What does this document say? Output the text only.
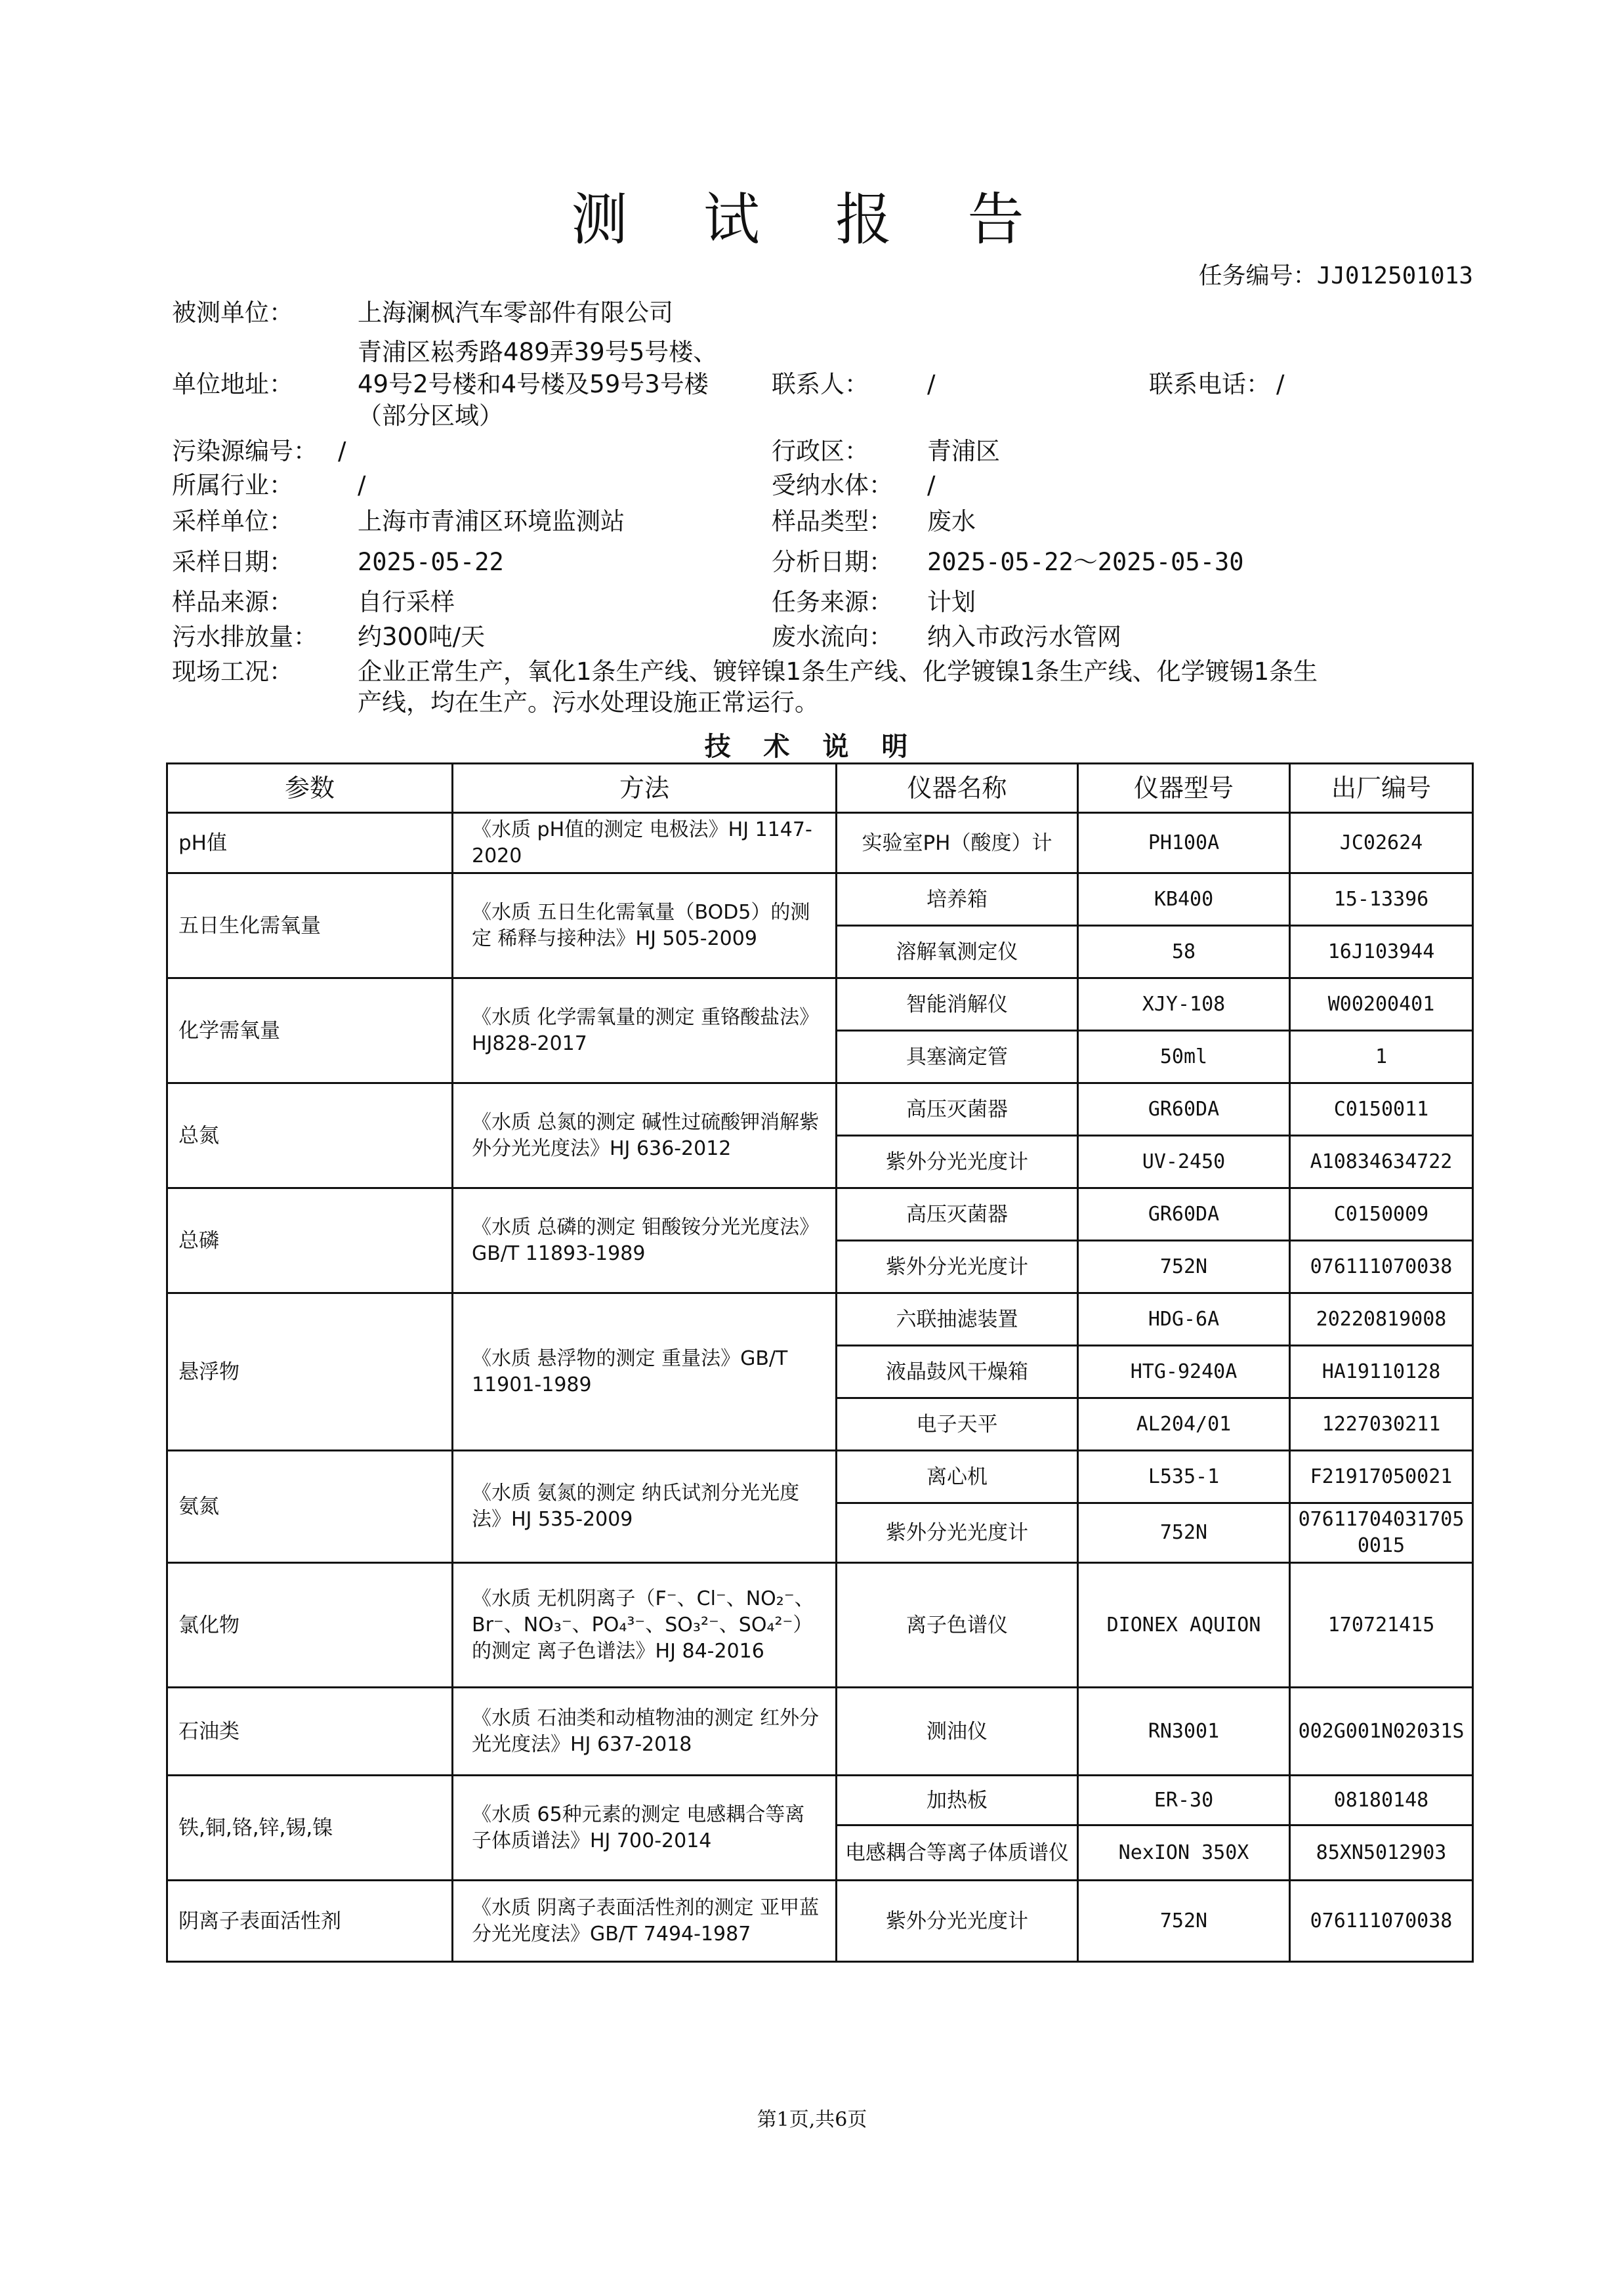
测 试 报 告
任务编号：JJ012501013
被测单位：	上海澜枫汽车零部件有限公司
单位地址：
青浦区崧秀路489弄39号5号楼、
49号2号楼和4号楼及59号3号楼
（部分区域）
联系人： /	联系电话： /
污染源编号： /	行政区： 青浦区
所属行业：	/	受纳水体： /
采样单位：	上海市青浦区环境监测站	样品类型： 废水
采样日期：	2025-05-22	分析日期： 2025-05-22～2025-05-30
样品来源：	自行采样	任务来源： 计划
污水排放量： 约300吨/天	废水流向： 纳入市政污水管网
现场工况：	企业正常生产，氧化1条生产线、镀锌镍1条生产线、化学镀镍1条生产线、化学镀锡1条生
产线，均在生产。污水处理设施正常运行。
技 术 说 明
参数	方法	仪器名称	仪器型号	出厂编号
pH值	《水质 pH值的测定 电极法》HJ 1147-2020	实验室PH（酸度）计	PH100A	JC02624
五日生化需氧量	《水质 五日生化需氧量（BOD5）的测定 稀释与接种法》HJ 505-2009	培养箱	KB400	15-13396
		溶解氧测定仪	58	16J103944
化学需氧量	《水质 化学需氧量的测定 重铬酸盐法》HJ828-2017	智能消解仪	XJY-108	W00200401
		具塞滴定管	50ml	1
总氮	《水质 总氮的测定 碱性过硫酸钾消解紫外分光光度法》HJ 636-2012	高压灭菌器	GR60DA	C0150011
		紫外分光光度计	UV-2450	A10834634722
总磷	《水质 总磷的测定 钼酸铵分光光度法》GB/T 11893-1989	高压灭菌器	GR60DA	C0150009
		紫外分光光度计	752N	076111070038
悬浮物	《水质 悬浮物的测定 重量法》GB/T 11901-1989	六联抽滤装置	HDG-6A	20220819008
		液晶鼓风干燥箱	HTG-9240A	HA19110128
		电子天平	AL204/01	1227030211
氨氮	《水质 氨氮的测定 纳氏试剂分光光度法》HJ 535-2009	离心机	L535-1	F21917050021
		紫外分光光度计	752N	076117040317050015
氯化物	《水质 无机阴离子（F⁻、Cl⁻、NO₂⁻、Br⁻、NO₃⁻、PO₄³⁻、SO₃²⁻、SO₄²⁻）的测定 离子色谱法》HJ 84-2016	离子色谱仪	DIONEX AQUION	170721415
石油类	《水质 石油类和动植物油的测定 红外分光光度法》HJ 637-2018	测油仪	RN3001	002G001N02031S
铁,铜,铬,锌,锡,镍	《水质 65种元素的测定 电感耦合等离子体质谱法》HJ 700-2014	加热板	ER-30	08180148
		电感耦合等离子体质谱仪	NexION 350X	85XN5012903
阴离子表面活性剂	《水质 阴离子表面活性剂的测定 亚甲蓝分光光度法》GB/T 7494-1987	紫外分光光度计	752N	076111070038
第1页,共6页
